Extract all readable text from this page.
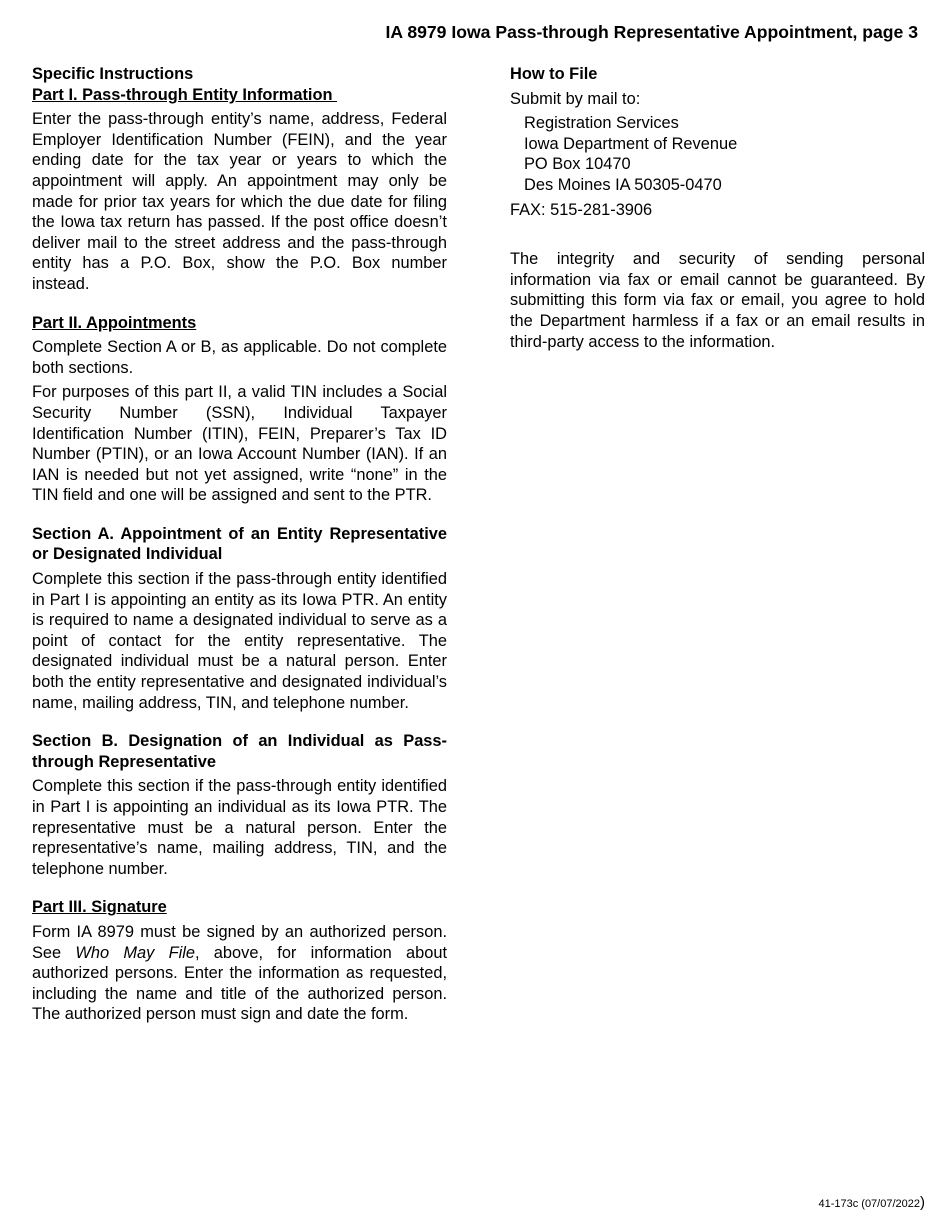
IA 8979 Iowa Pass-through Representative Appointment, page 3

Specific Instructions

Part I. Pass-through Entity Information

Enter the pass-through entity’s name, address, Federal Employer Identification Number (FEIN), and the year ending date for the tax year or years to which the appointment will apply. An appointment may only be made for prior tax years for which the due date for filing the Iowa tax return has passed. If the post office doesn’t deliver mail to the street address and the pass-through entity has a P.O. Box, show the P.O. Box number instead.

Part II. Appointments

Complete Section A or B, as applicable. Do not complete both sections.

For purposes of this part II, a valid TIN includes a Social Security Number (SSN), Individual Taxpayer Identification Number (ITIN), FEIN, Preparer’s Tax ID Number (PTIN), or an Iowa Account Number (IAN). If an IAN is needed but not yet assigned, write “none” in the TIN field and one will be assigned and sent to the PTR.

Section A. Appointment of an Entity Representative or Designated Individual

Complete this section if the pass-through entity identified in Part I is appointing an entity as its Iowa PTR. An entity is required to name a designated individual to serve as a point of contact for the entity representative. The designated individual must be a natural person. Enter both the entity representative and designated individual’s name, mailing address, TIN, and telephone number.

Section B. Designation of an Individual as Pass-through Representative

Complete this section if the pass-through entity identified in Part I is appointing an individual as its Iowa PTR. The representative must be a natural person. Enter the representative’s name, mailing address, TIN, and the telephone number.

Part III. Signature

Form IA 8979 must be signed by an authorized person. See Who May File, above, for information about authorized persons. Enter the information as requested, including the name and title of the authorized person. The authorized person must sign and date the form.

How to File

Submit by mail to:

Registration Services
Iowa Department of Revenue
PO Box 10470
Des Moines IA 50305-0470

FAX: 515-281-3906

The integrity and security of sending personal information via fax or email cannot be guaranteed. By submitting this form via fax or email, you agree to hold the Department harmless if a fax or an email results in third-party access to the information.

41-173c (07/07/2022)
